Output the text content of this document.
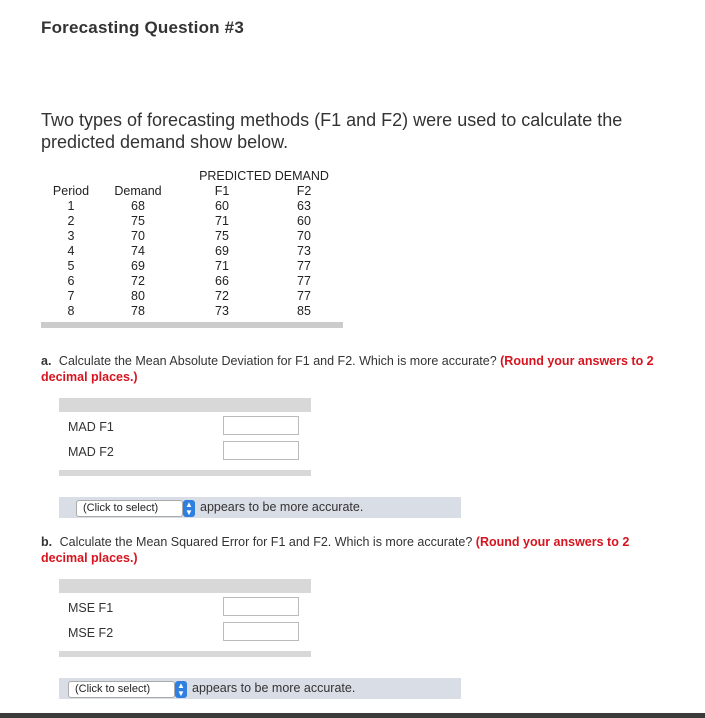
Forecasting Question #3
Two types of forecasting methods (F1 and F2) were used to calculate the predicted demand show below.
PREDICTED DEMAND
Period
1
2
3
4
5
6
7
8
Demand
68
75
70
74
69
72
80
78
F1
60
71
75
69
71
66
72
73
F2
63
60
70
73
77
77
77
85
a. Calculate the Mean Absolute Deviation for F1 and F2. Which is more accurate? (Round your answers to 2 decimal places.)
MAD F1
MAD F2
(Click to select)	▲
▼ appears to be more accurate.
b. Calculate the Mean Squared Error for F1 and F2. Which is more accurate? (Round your answers to 2 decimal places.)
MSE F1
MSE F2
(Click to select)	▲
▼ appears to be more accurate.
